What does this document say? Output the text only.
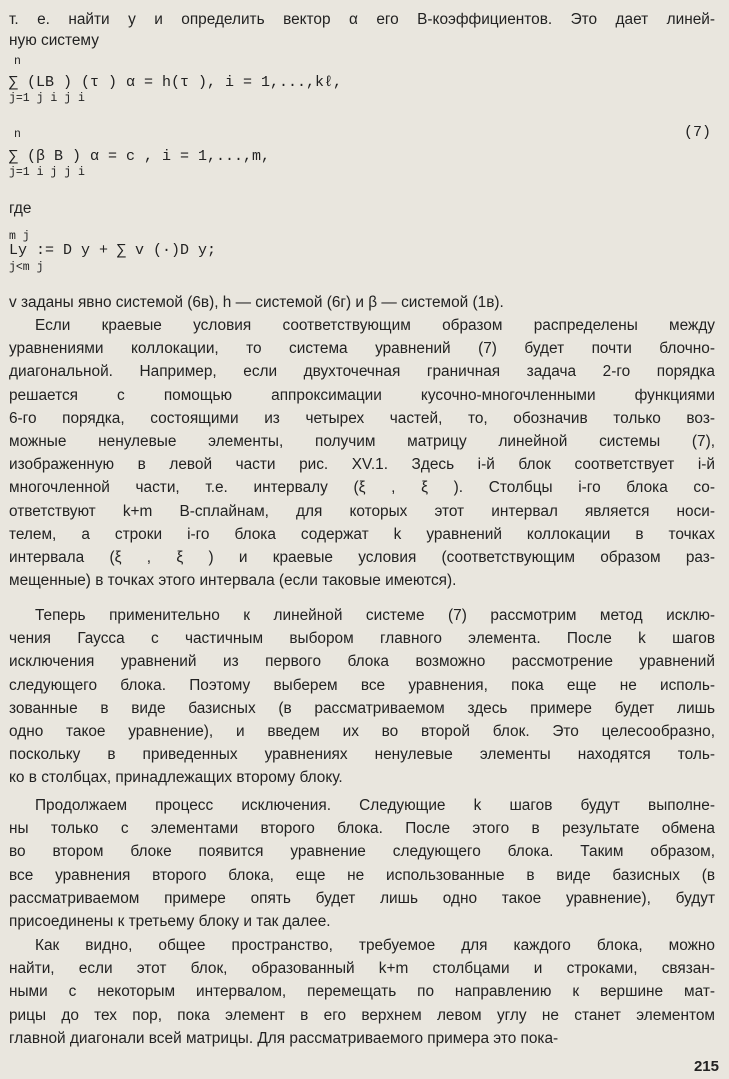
т. е. найти y и определить вектор α его В-коэффициентов. Это дает линей-
ную систему
n
∑ (LB ) (τ ) α = h(τ ), i = 1,...,kℓ,
j=1 j i j i
n
∑ (β B ) α = c , i = 1,...,m,
j=1 i j j i
(7)
где
m j
Ly := D y + ∑ v (·)D y;
j<m j
v заданы явно системой (6в), h — системой (6г) и β — системой (1в).
Если краевые условия соответствующим образом распределены между
уравнениями коллокации, то система уравнений (7) будет почти блочно-
диагональной. Например, если двухточечная граничная задача 2-го порядка
решается с помощью аппроксимации кусочно-многочленными функциями
6-го порядка, состоящими из четырех частей, то, обозначив только воз-
можные ненулевые элементы, получим матрицу линейной системы (7),
изображенную в левой части рис. XV.1. Здесь i-й блок соответствует i-й
многочленной части, т.е. интервалу (ξ , ξ ). Столбцы i-го блока со-
ответствуют k+m В-сплайнам, для которых этот интервал является носи-
телем, а строки i-го блока содержат k уравнений коллокации в точках
интервала (ξ , ξ ) и краевые условия (соответствующим образом раз-
мещенные) в точках этого интервала (если таковые имеются).
Теперь применительно к линейной системе (7) рассмотрим метод исклю-
чения Гаусса с частичным выбором главного элемента. После k шагов
исключения уравнений из первого блока возможно рассмотрение уравнений
следующего блока. Поэтому выберем все уравнения, пока еще не исполь-
зованные в виде базисных (в рассматриваемом здесь примере будет лишь
одно такое уравнение), и введем их во второй блок. Это целесообразно,
поскольку в приведенных уравнениях ненулевые элементы находятся толь-
ко в столбцах, принадлежащих второму блоку.
Продолжаем процесс исключения. Следующие k шагов будут выполне-
ны только с элементами второго блока. После этого в результате обмена
во втором блоке появится уравнение следующего блока. Таким образом,
все уравнения второго блока, еще не использованные в виде базисных (в
рассматриваемом примере опять будет лишь одно такое уравнение), будут
присоединены к третьему блоку и так далее.
Как видно, общее пространство, требуемое для каждого блока, можно
найти, если этот блок, образованный k+m столбцами и строками, связан-
ными с некоторым интервалом, перемещать по направлению к вершине мат-
рицы до тех пор, пока элемент в его верхнем левом углу не станет элементом
главной диагонали всей матрицы. Для рассматриваемого примера это пока-
215
